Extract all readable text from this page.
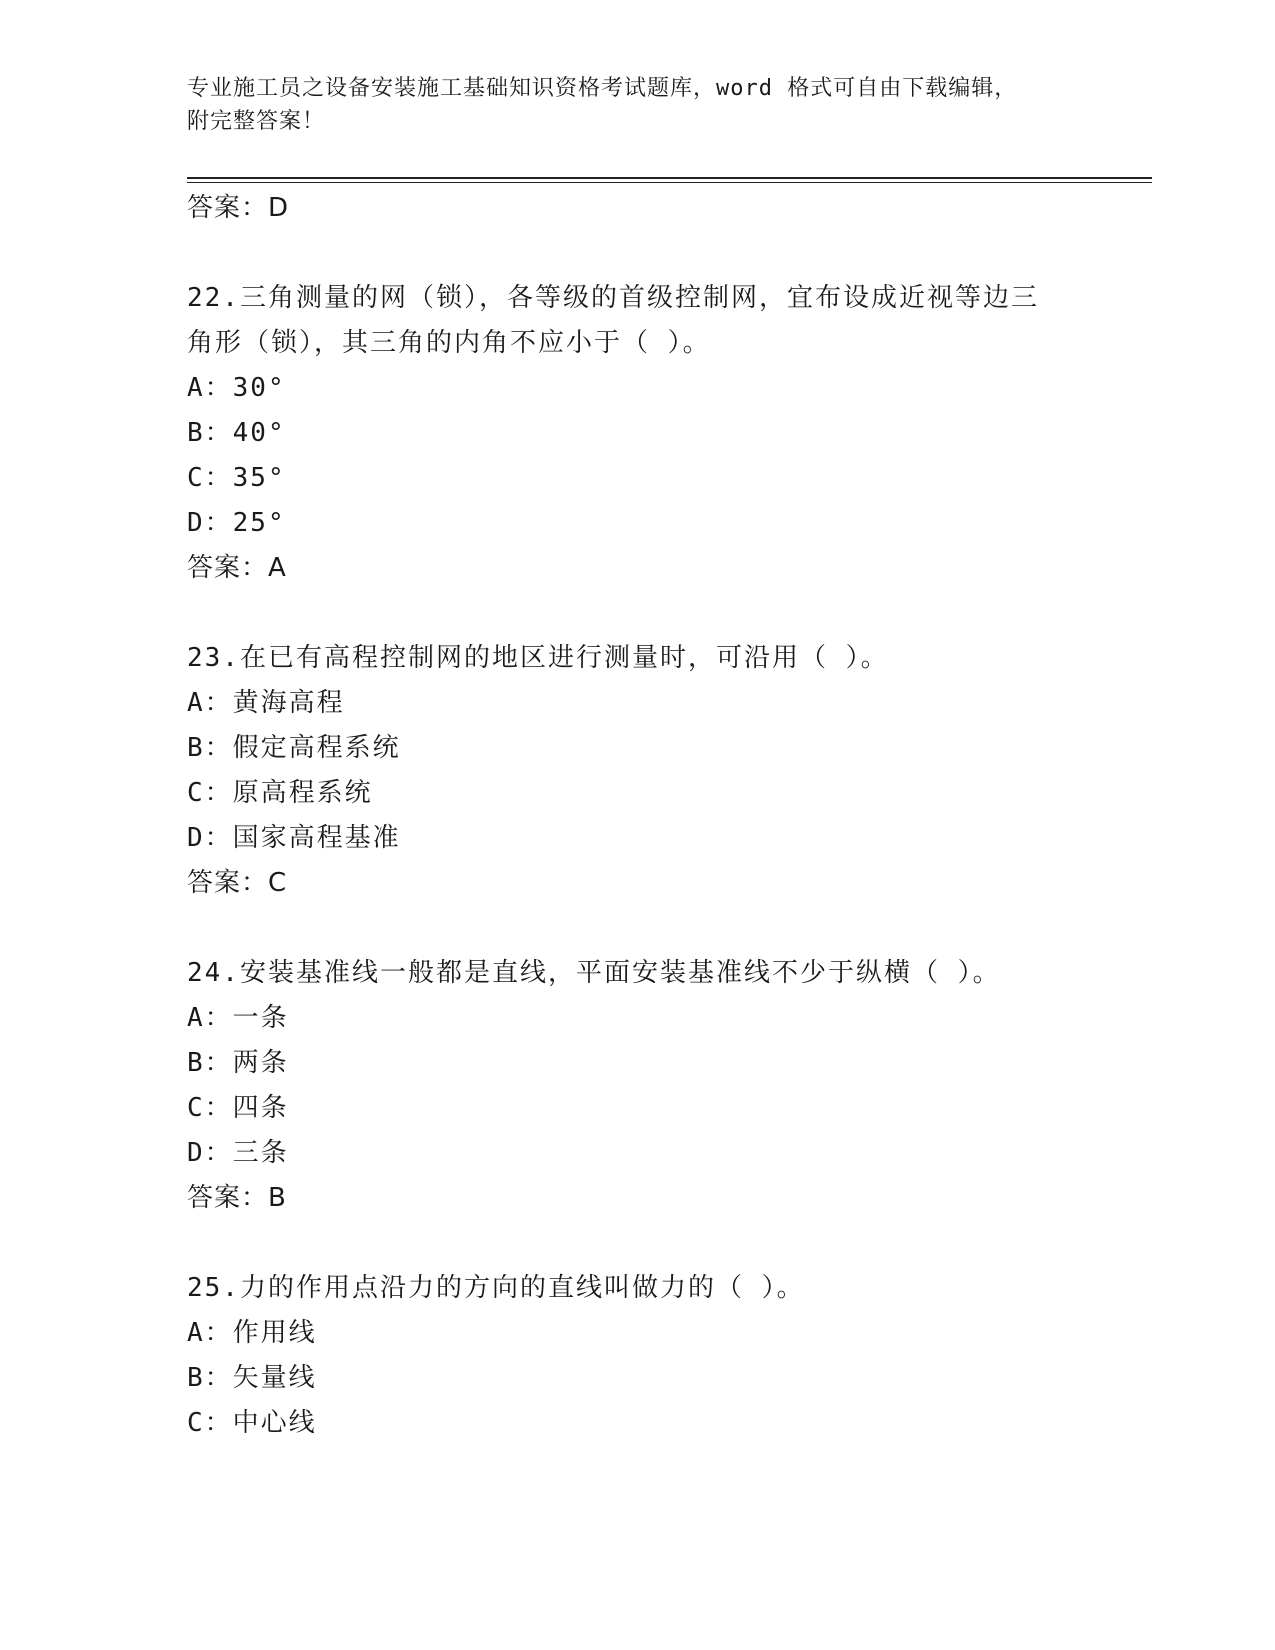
专业施工员之设备安装施工基础知识资格考试题库，word 格式可自由下载编辑，
附完整答案！
答案：D
22.三角测量的网（锁），各等级的首级控制网，宜布设成近视等边三
角形（锁），其三角的内角不应小于（ ）。
A：30°
B：40°
C：35°
D：25°
答案：A
23.在已有高程控制网的地区进行测量时，可沿用（ ）。
A：黄海高程
B：假定高程系统
C：原高程系统
D：国家高程基准
答案：C
24.安装基准线一般都是直线，平面安装基准线不少于纵横（ ）。
A：一条
B：两条
C：四条
D：三条
答案：B
25.力的作用点沿力的方向的直线叫做力的（ ）。
A：作用线
B：矢量线
C：中心线
